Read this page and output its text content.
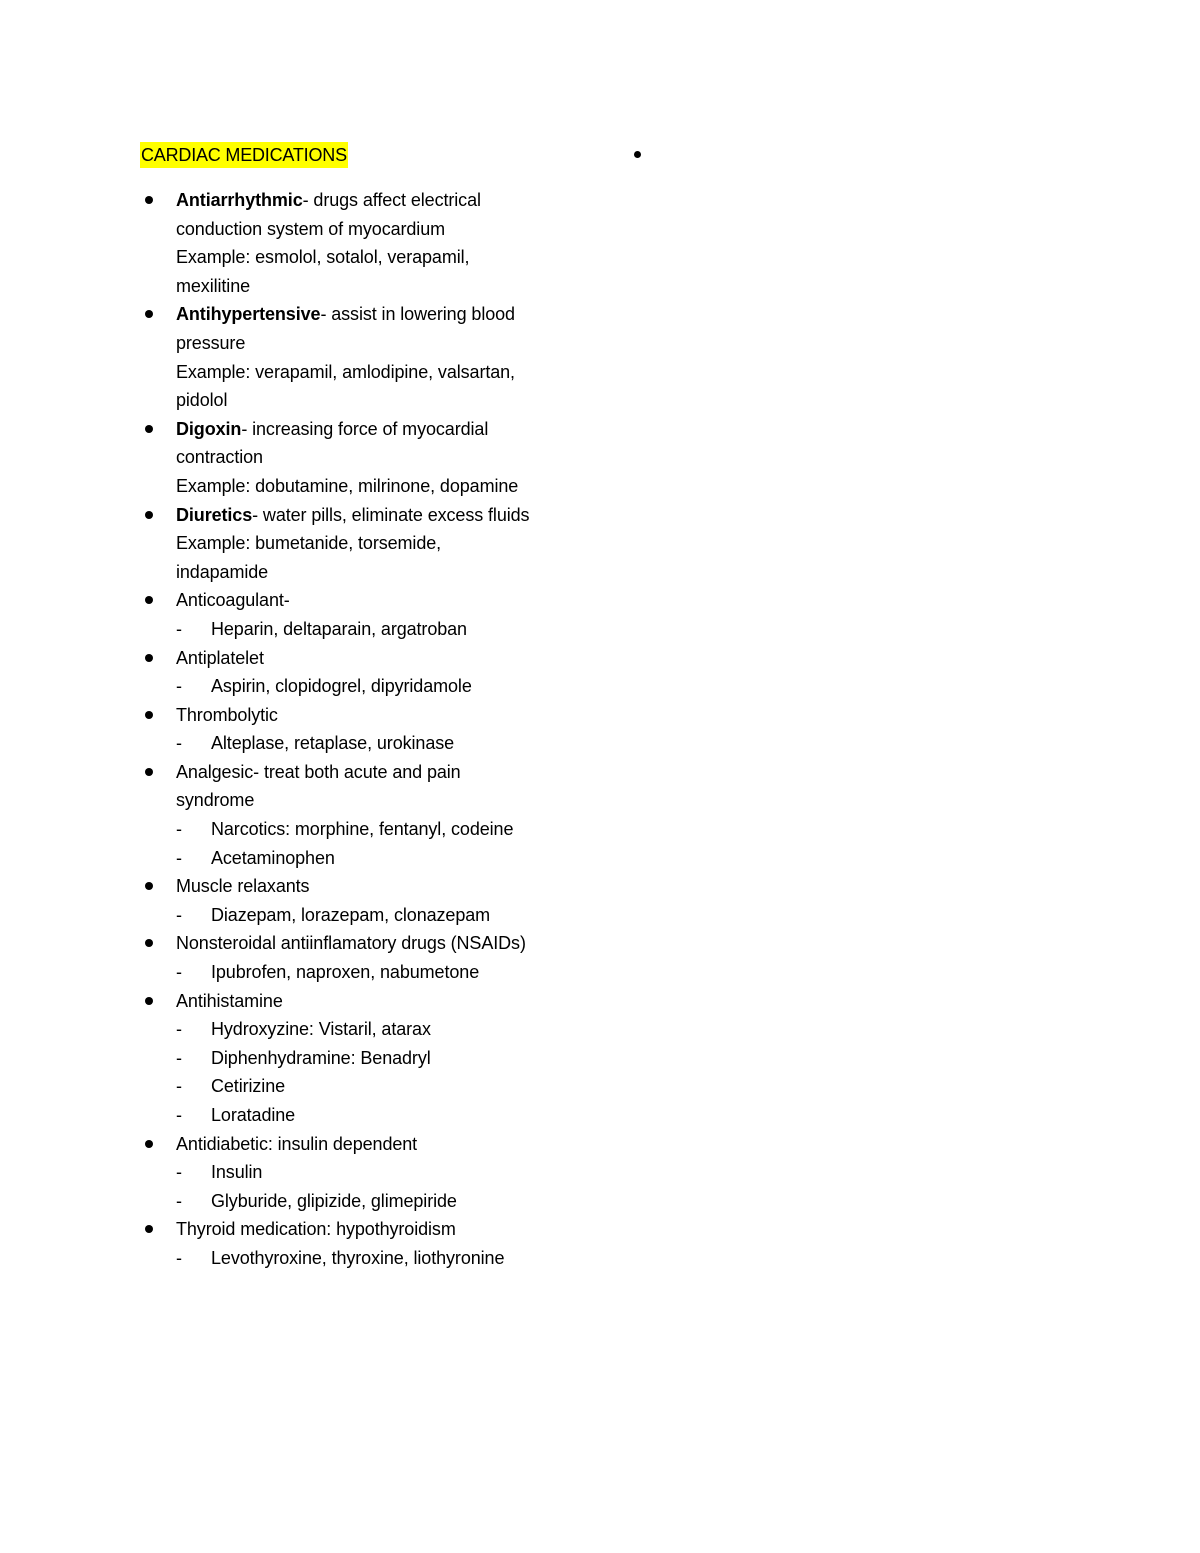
CARDIAC MEDICATIONS
Antiarrhythmic- drugs affect electrical
conduction system of myocardium
Example: esmolol, sotalol, verapamil,
mexilitine
Antihypertensive- assist in lowering blood
pressure
Example: verapamil, amlodipine, valsartan,
pidolol
Digoxin- increasing force of myocardial
contraction
Example: dobutamine, milrinone, dopamine
Diuretics- water pills, eliminate excess fluids
Example: bumetanide, torsemide,
indapamide
Anticoagulant-
- Heparin, deltaparain, argatroban
Antiplatelet
- Aspirin, clopidogrel, dipyridamole
Thrombolytic
- Alteplase, retaplase, urokinase
Analgesic- treat both acute and pain
syndrome
- Narcotics: morphine, fentanyl, codeine
- Acetaminophen
Muscle relaxants
- Diazepam, lorazepam, clonazepam
Nonsteroidal antiinflamatory drugs (NSAIDs)
- Ipubrofen, naproxen, nabumetone
Antihistamine
- Hydroxyzine: Vistaril, atarax
- Diphenhydramine: Benadryl
- Cetirizine
- Loratadine
Antidiabetic: insulin dependent
- Insulin
- Glyburide, glipizide, glimepiride
Thyroid medication: hypothyroidism
- Levothyroxine, thyroxine, liothyronine
